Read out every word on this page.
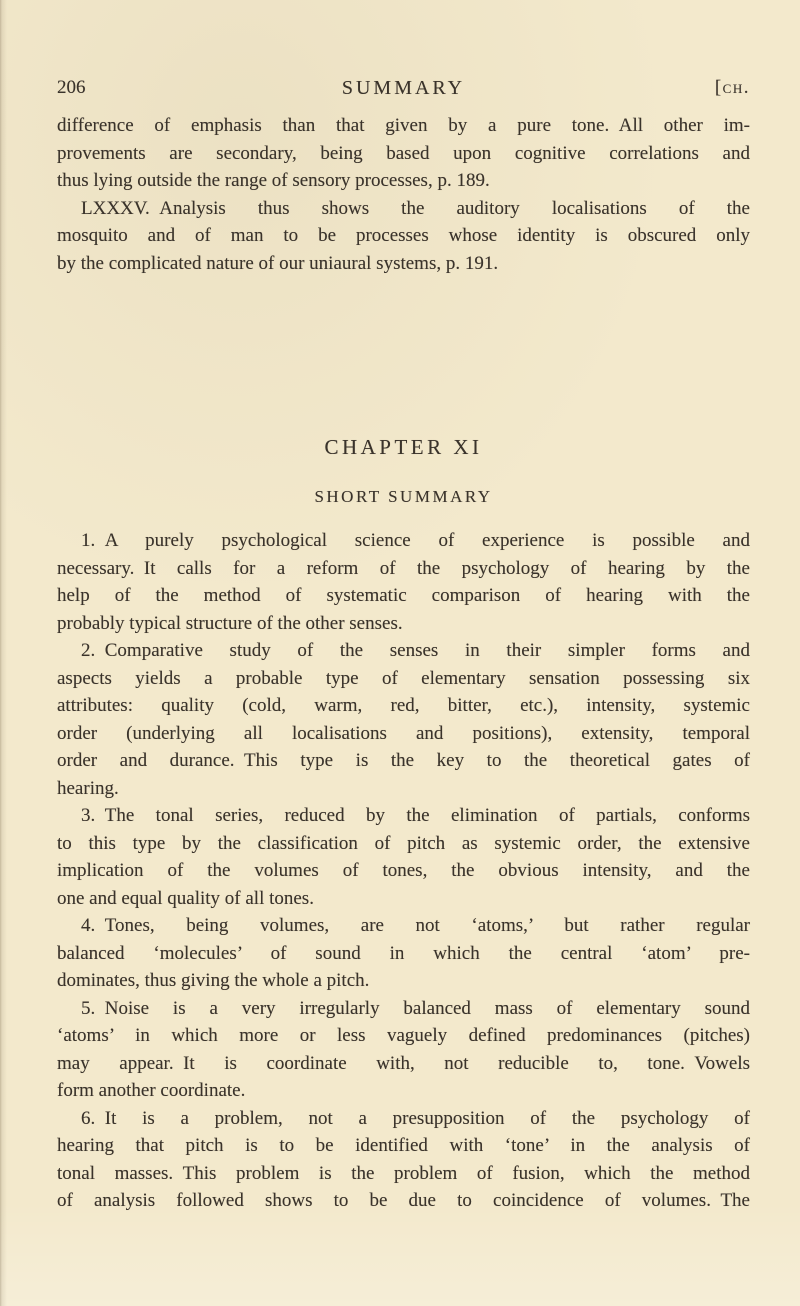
206	SUMMARY	[ch.
difference of emphasis than that given by a pure tone. All other im-
provements are secondary, being based upon cognitive correlations and
thus lying outside the range of sensory processes, p. 189.
LXXXV. Analysis thus shows the auditory localisations of the
mosquito and of man to be processes whose identity is obscured only
by the complicated nature of our uniaural systems, p. 191.
CHAPTER XI
SHORT SUMMARY
1. A purely psychological science of experience is possible and
necessary. It calls for a reform of the psychology of hearing by the
help of the method of systematic comparison of hearing with the
probably typical structure of the other senses.
2. Comparative study of the senses in their simpler forms and
aspects yields a probable type of elementary sensation possessing six
attributes: quality (cold, warm, red, bitter, etc.), intensity, systemic
order (underlying all localisations and positions), extensity, temporal
order and durance. This type is the key to the theoretical gates of
hearing.
3. The tonal series, reduced by the elimination of partials, conforms
to this type by the classification of pitch as systemic order, the extensive
implication of the volumes of tones, the obvious intensity, and the
one and equal quality of all tones.
4. Tones, being volumes, are not ‘atoms,’ but rather regular
balanced ‘molecules’ of sound in which the central ‘atom’ pre-
dominates, thus giving the whole a pitch.
5. Noise is a very irregularly balanced mass of elementary sound
‘atoms’ in which more or less vaguely defined predominances (pitches)
may appear. It is coordinate with, not reducible to, tone. Vowels
form another coordinate.
6. It is a problem, not a presupposition of the psychology of
hearing that pitch is to be identified with ‘tone’ in the analysis of
tonal masses. This problem is the problem of fusion, which the method
of analysis followed shows to be due to coincidence of volumes. The
